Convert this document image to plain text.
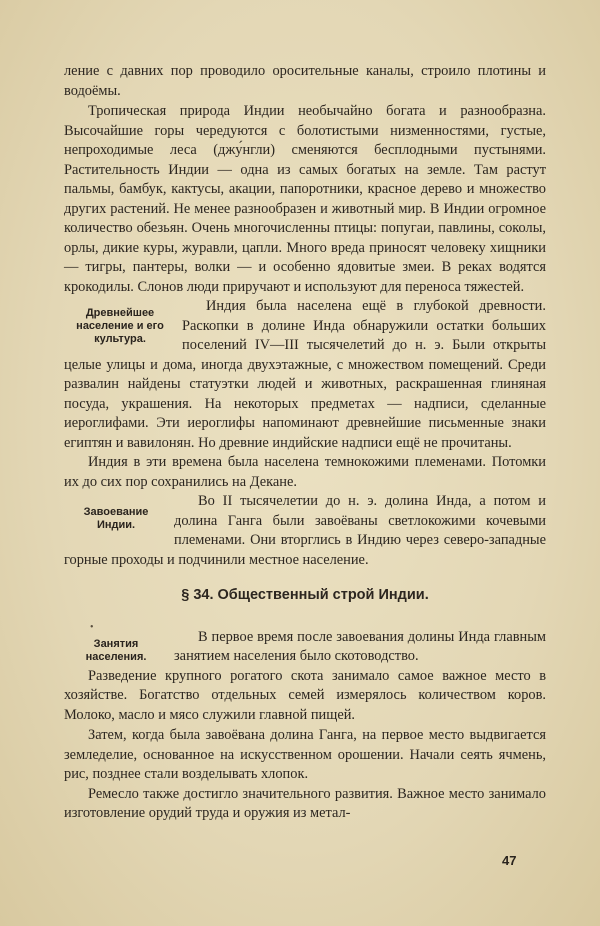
ление с давних пор проводило оросительные каналы, строило плотины и водоёмы.

Тропическая природа Индии необычайно богата и разнообразна. Высочайшие горы чередуются с болотистыми низменностями, густые, непроходимые леса (джу́нгли) сменяются бесплодными пустынями. Растительность Индии — одна из самых богатых на земле. Там растут пальмы, бамбук, кактусы, акации, папоротники, красное дерево и множество других растений. Не менее разнообразен и животный мир. В Индии огромное количество обезьян. Очень многочисленны птицы: попугаи, павлины, соколы, орлы, дикие куры, журавли, цапли. Много вреда приносят человеку хищники — тигры, пантеры, волки — и особенно ядовитые змеи. В реках водятся крокодилы. Слонов люди приручают и используют для переноса тяжестей.

Древнейшее население и его культура.

Индия была населена ещё в глубокой древности. Раскопки в долине Инда обнаружили остатки больших поселений IV—III тысячелетий до н. э. Были открыты целые улицы и дома, иногда двухэтажные, с множеством помещений. Среди развалин найдены статуэтки людей и животных, раскрашенная глиняная посуда, украшения. На некоторых предметах — надписи, сделанные иероглифами. Эти иероглифы напоминают древнейшие письменные знаки египтян и вавилонян. Но древние индийские надписи ещё не прочитаны.

Индия в эти времена была населена темнокожими племенами. Потомки их до сих пор сохранились на Декане.

Завоевание Индии.

Во II тысячелетии до н. э. долина Инда, а потом и долина Ганга были завоёваны светлокожими кочевыми племенами. Они вторглись в Индию через северо-западные горные проходы и подчинили местное население.

§ 34. Общественный строй Индии.

Занятия населения.

В первое время после завоевания долины Инда главным занятием населения было скотоводство.

Разведение крупного рогатого скота занимало самое важное место в хозяйстве. Богатство отдельных семей измерялось количеством коров. Молоко, масло и мясо служили главной пищей.

Затем, когда была завоёвана долина Ганга, на первое место выдвигается земледелие, основанное на искусственном орошении. Начали сеять ячмень, рис, позднее стали возделывать хлопок.

Ремесло также достигло значительного развития. Важное место занимало изготовление орудий труда и оружия из метал-

•
47
